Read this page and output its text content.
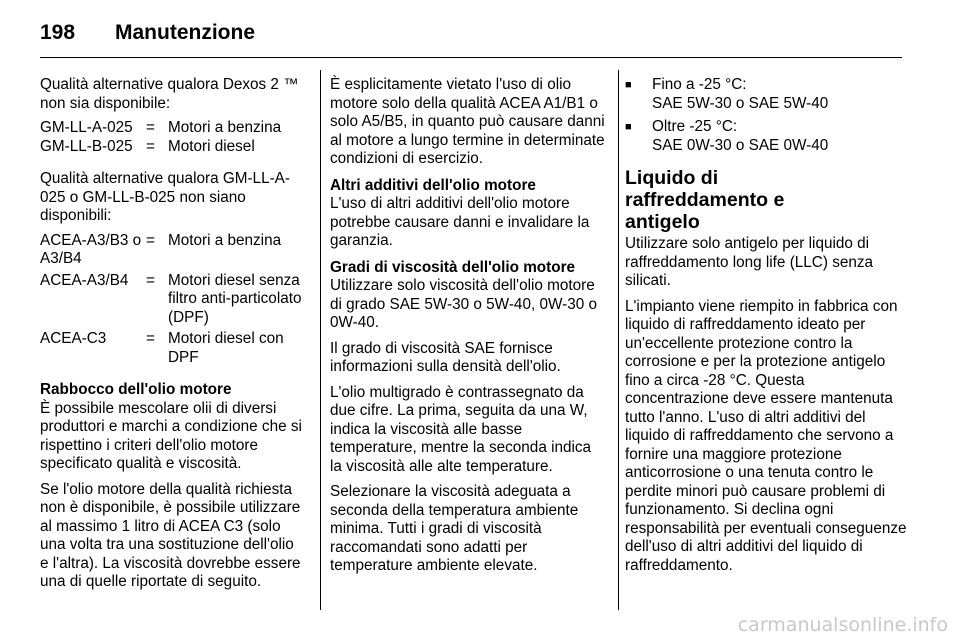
198	Manutenzione

Qualità alternative qualora Dexos 2 ™ non sia disponibile:

GM-LL-A-025	=	Motori a benzina
GM-LL-B-025	=	Motori diesel

Qualità alternative qualora GM-LL-A-025 o GM-LL-B-025 non siano disponibili:

ACEA-A3/B3 o A3/B4	=	Motori a benzina
ACEA-A3/B4	=	Motori diesel senza filtro anti-particolato (DPF)
ACEA-C3	=	Motori diesel con DPF

Rabbocco dell'olio motore

È possibile mescolare olii di diversi produttori e marchi a condizione che si rispettino i criteri dell'olio motore specificato qualità e viscosità.

Se l'olio motore della qualità richiesta non è disponibile, è possibile utilizzare al massimo 1 litro di ACEA C3 (solo una volta tra una sostituzione dell'olio e l'altra). La viscosità dovrebbe essere una di quelle riportate di seguito.

È esplicitamente vietato l'uso di olio motore solo della qualità ACEA A1/B1 o solo A5/B5, in quanto può causare danni al motore a lungo termine in determinate condizioni di esercizio.

Altri additivi dell'olio motore

L'uso di altri additivi dell'olio motore potrebbe causare danni e invalidare la garanzia.

Gradi di viscosità dell'olio motore

Utilizzare solo viscosità dell'olio motore di grado SAE 5W-30 o 5W-40, 0W-30 o 0W-40.

Il grado di viscosità SAE fornisce informazioni sulla densità dell'olio.

L'olio multigrado è contrassegnato da due cifre. La prima, seguita da una W, indica la viscosità alle basse temperature, mentre la seconda indica la viscosità alle alte temperature.

Selezionare la viscosità adeguata a seconda della temperatura ambiente minima. Tutti i gradi di viscosità raccomandati sono adatti per temperature ambiente elevate.

■	Fino a -25 °C:
SAE 5W-30 o SAE 5W-40
■	Oltre -25 °C:
SAE 0W-30 o SAE 0W-40

Liquido di raffreddamento e antigelo

Utilizzare solo antigelo per liquido di raffreddamento long life (LLC) senza silicati.

L'impianto viene riempito in fabbrica con liquido di raffreddamento ideato per un'eccellente protezione contro la corrosione e per la protezione antigelo fino a circa -28 °C. Questa concentrazione deve essere mantenuta tutto l'anno. L'uso di altri additivi del liquido di raffreddamento che servono a fornire una maggiore protezione anticorrosione o una tenuta contro le perdite minori può causare problemi di funzionamento. Si declina ogni responsabilità per eventuali conseguenze dell'uso di altri additivi del liquido di raffreddamento.

carmanualsonline.info
